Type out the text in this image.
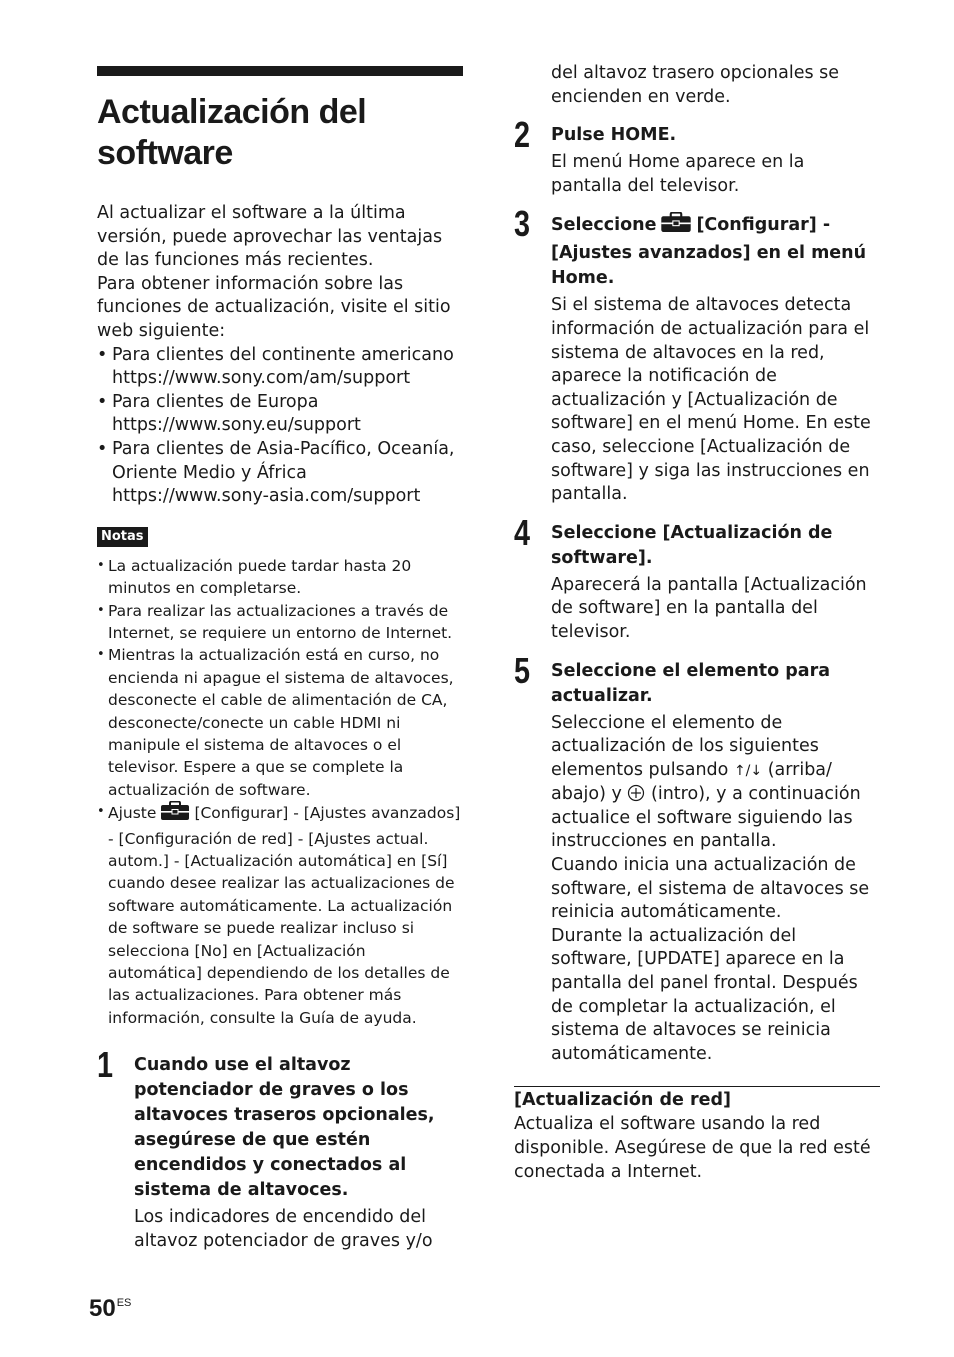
Actualización del software

Al actualizar el software a la última versión, puede aprovechar las ventajas de las funciones más recientes.

Para obtener información sobre las funciones de actualización, visite el sitio web siguiente:

• Para clientes del continente americano
https://www.sony.com/am/support
• Para clientes de Europa
https://www.sony.eu/support
• Para clientes de Asia-Pacífico, Oceanía, Oriente Medio y África
https://www.sony-asia.com/support
Notas
• La actualización puede tardar hasta 20 minutos en completarse.
• Para realizar las actualizaciones a través de Internet, se requiere un entorno de Internet.
• Mientras la actualización está en curso, no encienda ni apague el sistema de altavoces, desconecte el cable de alimentación de CA, desconecte/conecte un cable HDMI ni manipule el sistema de altavoces o el televisor. Espere a que se complete la actualización de software.
• Ajuste [Configurar] - [Ajustes avanzados] - [Configuración de red] - [Ajustes actual. autom.] - [Actualización automática] en [Sí] cuando desee realizar las actualizaciones de software automáticamente. La actualización de software se puede realizar incluso si selecciona [No] en [Actualización automática] dependiendo de los detalles de las actualizaciones. Para obtener más información, consulte la Guía de ayuda.
1 Cuando use el altavoz potenciador de graves o los altavoces traseros opcionales, asegúrese de que estén encendidos y conectados al sistema de altavoces.
Los indicadores de encendido del altavoz potenciador de graves y/o
del altavoz trasero opcionales se encienden en verde.
2 Pulse HOME.
El menú Home aparece en la pantalla del televisor.
3 Seleccione [Configurar] - [Ajustes avanzados] en el menú Home.
Si el sistema de altavoces detecta información de actualización para el sistema de altavoces en la red, aparece la notificación de actualización y [Actualización de software] en el menú Home. En este caso, seleccione [Actualización de software] y siga las instrucciones en pantalla.
4 Seleccione [Actualización de software].
Aparecerá la pantalla [Actualización de software] en la pantalla del televisor.
5 Seleccione el elemento para actualizar.

Seleccione el elemento de actualización de los siguientes elementos pulsando ↑/↓ (arriba/ abajo) y (intro), y a continuación actualice el software siguiendo las instrucciones en pantalla.

Cuando inicia una actualización de software, el sistema de altavoces se reinicia automáticamente.

Durante la actualización del software, [UPDATE] aparece en la pantalla del panel frontal. Después de completar la actualización, el sistema de altavoces se reinicia automáticamente.

[Actualización de red]
Actualiza el software usando la red disponible. Asegúrese de que la red esté conectada a Internet.
$50^{ES}$
